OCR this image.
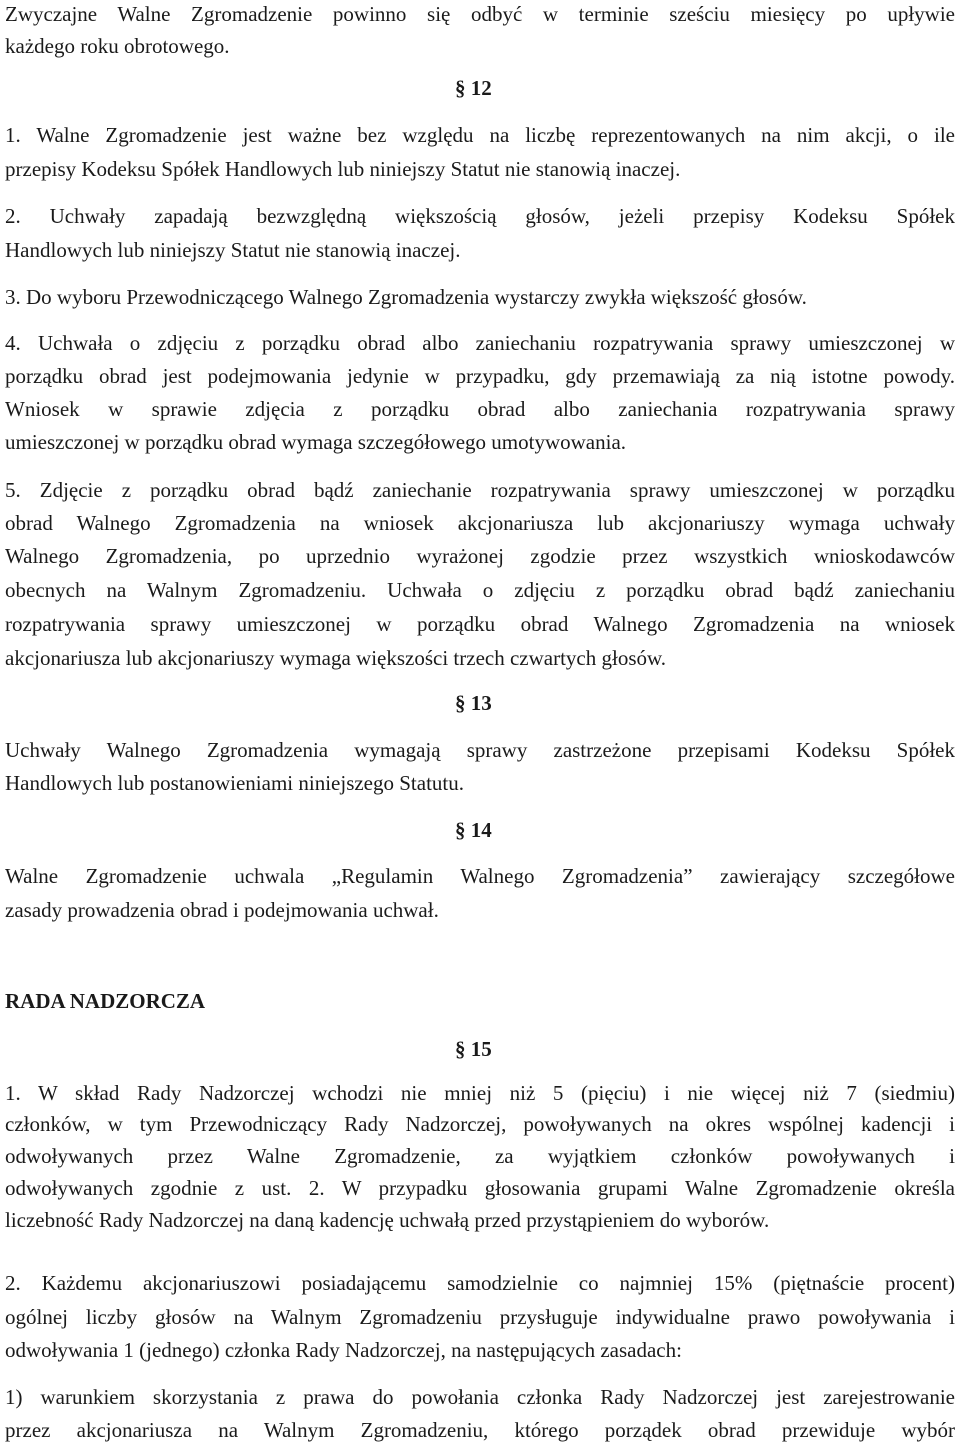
Zwyczajne Walne Zgromadzenie powinno się odbyć w terminie sześciu miesięcy po upływie
każdego roku obrotowego.
§ 12
1. Walne Zgromadzenie jest ważne bez względu na liczbę reprezentowanych na nim akcji, o ile
przepisy Kodeksu Spółek Handlowych lub niniejszy Statut nie stanowią inaczej.
2. Uchwały zapadają bezwzględną większością głosów, jeżeli przepisy Kodeksu Spółek
Handlowych lub niniejszy Statut nie stanowią inaczej.
3. Do wyboru Przewodniczącego Walnego Zgromadzenia wystarczy zwykła większość głosów.
4. Uchwała o zdjęciu z porządku obrad albo zaniechaniu rozpatrywania sprawy umieszczonej w
porządku obrad jest podejmowania jedynie w przypadku, gdy przemawiają za nią istotne powody.
Wniosek w sprawie zdjęcia z porządku obrad albo zaniechania rozpatrywania sprawy
umieszczonej w porządku obrad wymaga szczegółowego umotywowania.
5. Zdjęcie z porządku obrad bądź zaniechanie rozpatrywania sprawy umieszczonej w porządku
obrad Walnego Zgromadzenia na wniosek akcjonariusza lub akcjonariuszy wymaga uchwały
Walnego Zgromadzenia, po uprzednio wyrażonej zgodzie przez wszystkich wnioskodawców
obecnych na Walnym Zgromadzeniu. Uchwała o zdjęciu z porządku obrad bądź zaniechaniu
rozpatrywania sprawy umieszczonej w porządku obrad Walnego Zgromadzenia na wniosek
akcjonariusza lub akcjonariuszy wymaga większości trzech czwartych głosów.
§ 13
Uchwały Walnego Zgromadzenia wymagają sprawy zastrzeżone przepisami Kodeksu Spółek
Handlowych lub postanowieniami niniejszego Statutu.
§ 14
Walne Zgromadzenie uchwala „Regulamin Walnego Zgromadzenia” zawierający szczegółowe
zasady prowadzenia obrad i podejmowania uchwał.
RADA NADZORCZA
§ 15
1. W skład Rady Nadzorczej wchodzi nie mniej niż 5 (pięciu) i nie więcej niż 7 (siedmiu)
członków, w tym Przewodniczący Rady Nadzorczej, powoływanych na okres wspólnej kadencji i
odwoływanych przez Walne Zgromadzenie, za wyjątkiem członków powoływanych i
odwoływanych zgodnie z ust. 2. W przypadku głosowania grupami Walne Zgromadzenie określa
liczebność Rady Nadzorczej na daną kadencję uchwałą przed przystąpieniem do wyborów.
2. Każdemu akcjonariuszowi posiadającemu samodzielnie co najmniej 15% (piętnaście procent)
ogólnej liczby głosów na Walnym Zgromadzeniu przysługuje indywidualne prawo powoływania i
odwoływania 1 (jednego) członka Rady Nadzorczej, na następujących zasadach:
1) warunkiem skorzystania z prawa do powołania członka Rady Nadzorczej jest zarejestrowanie
przez akcjonariusza na Walnym Zgromadzeniu, którego porządek obrad przewiduje wybór
